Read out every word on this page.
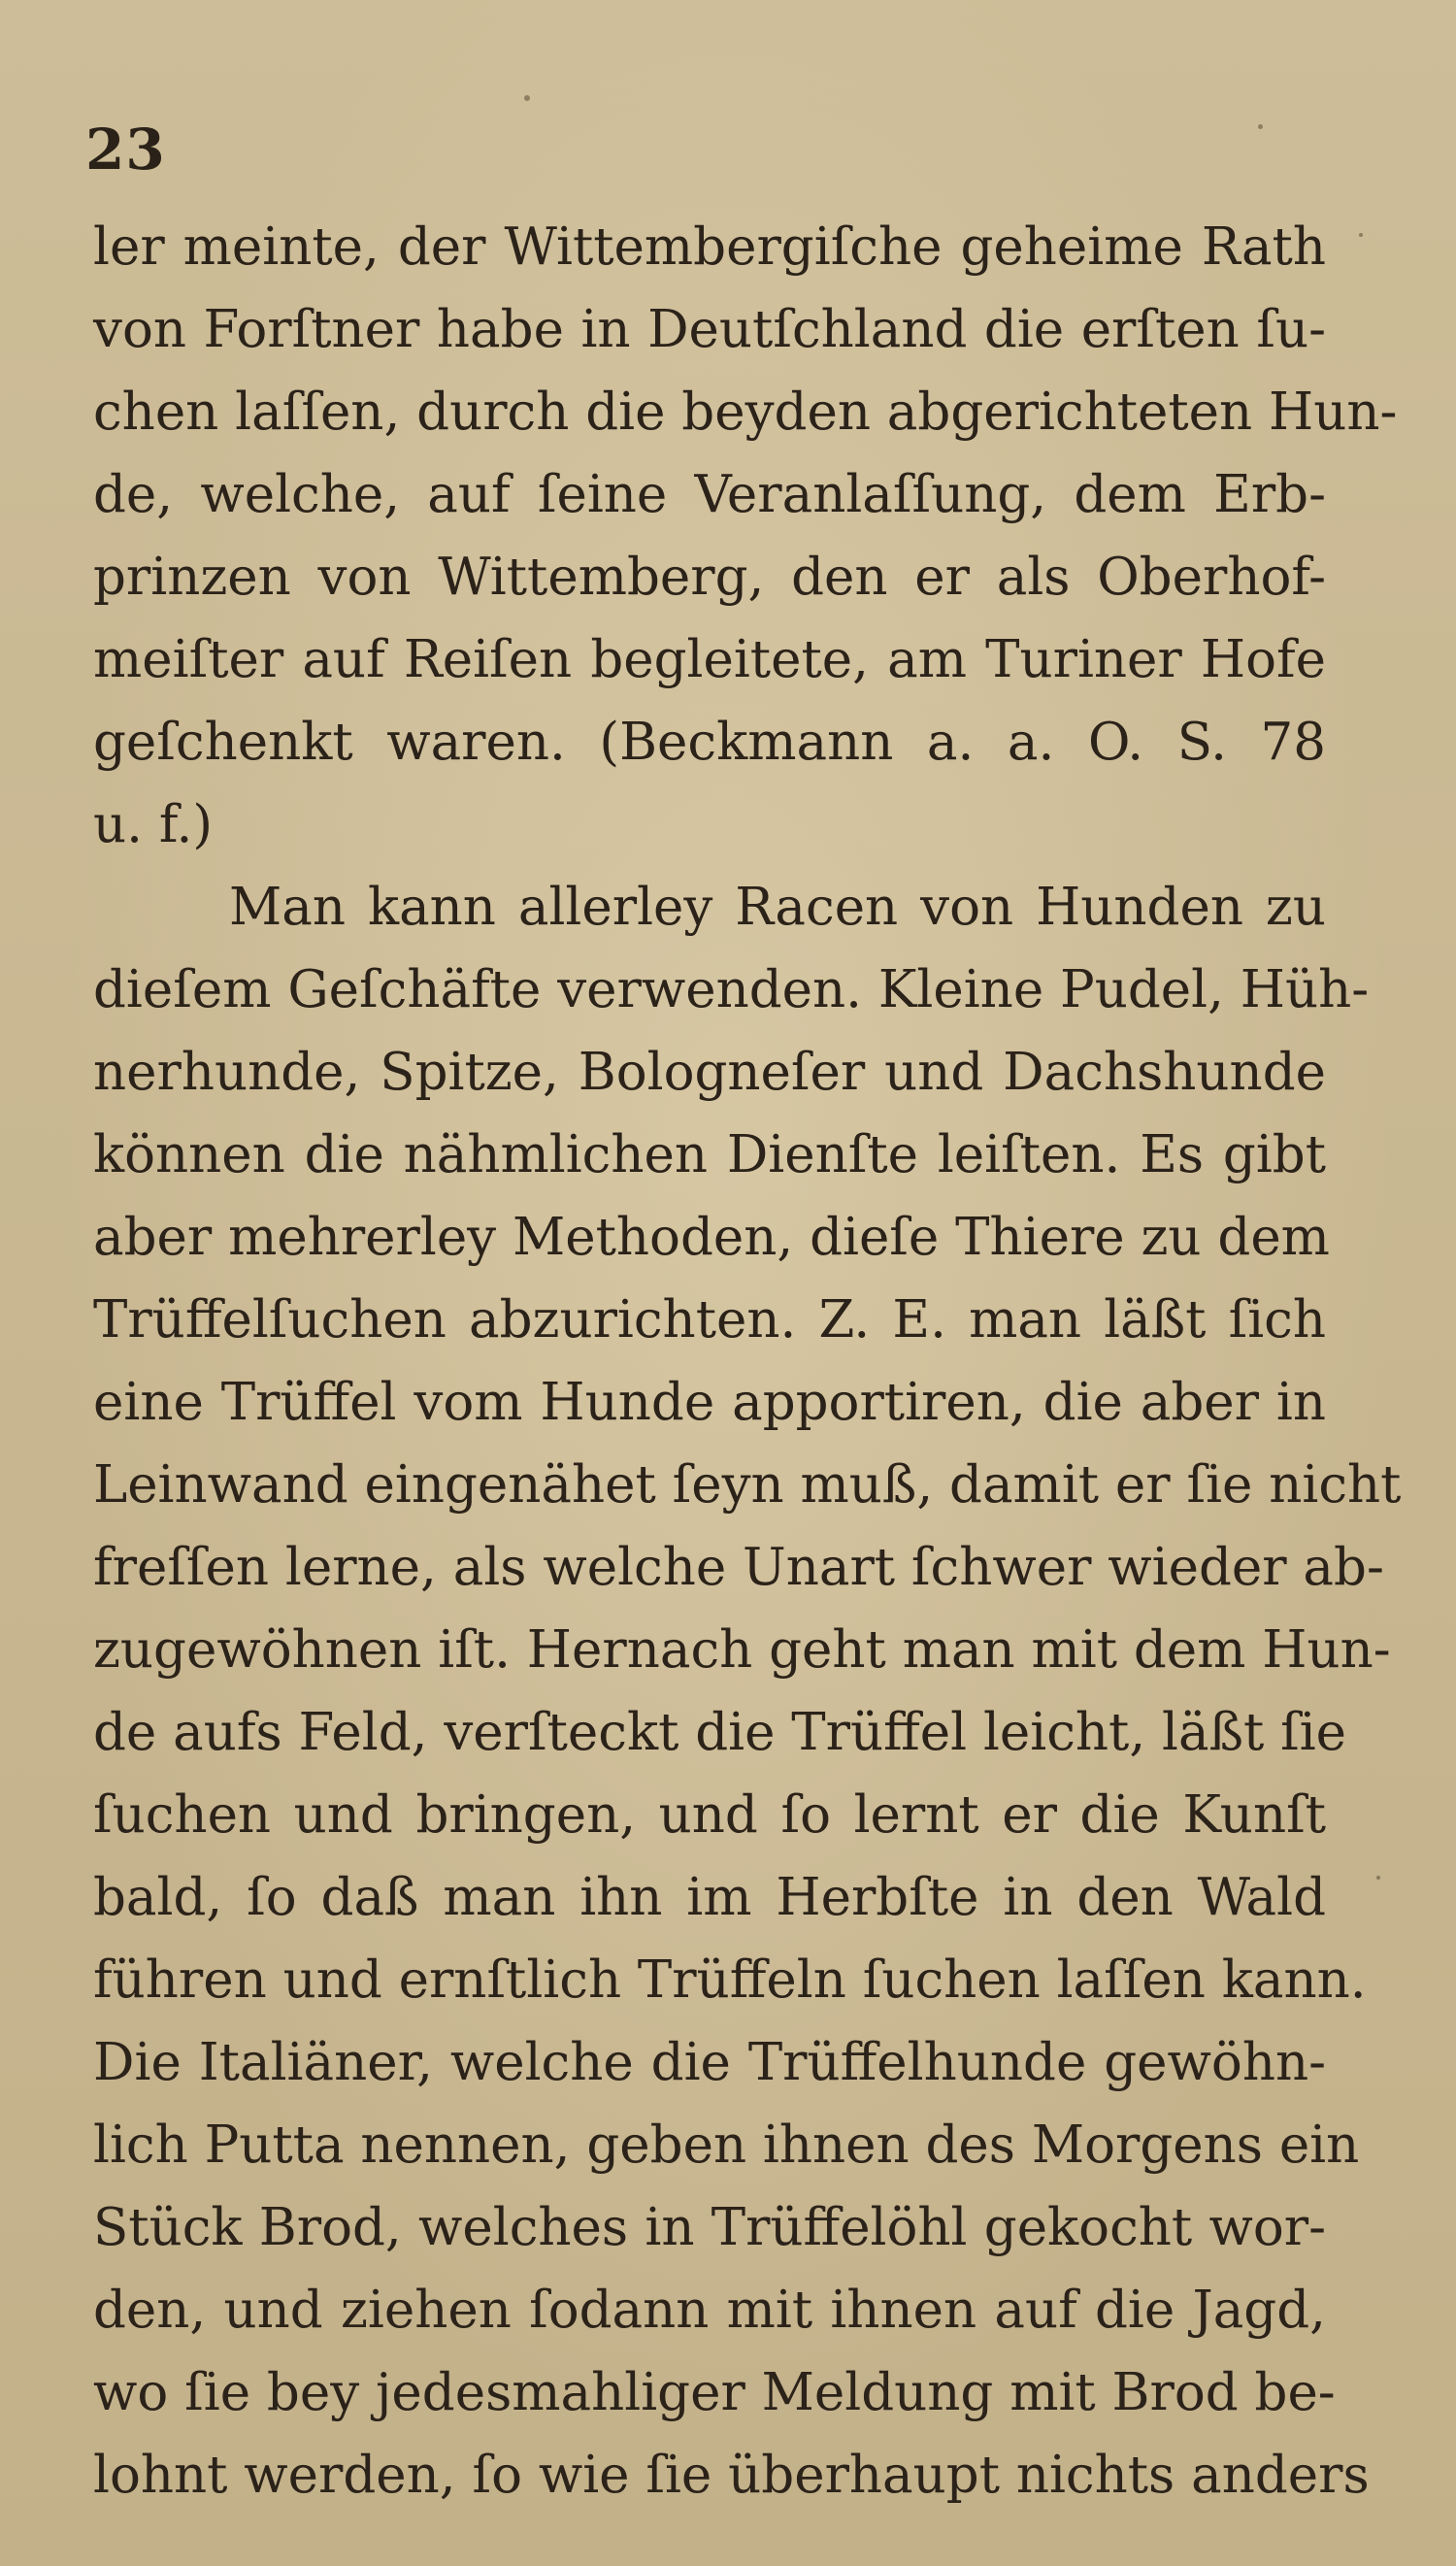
23
ler meinte, der Wittembergiſche geheime Rath
von Forſtner habe in Deutſchland die erſten ſu-
chen laſſen, durch die beyden abgerichteten Hun-
de, welche, auf ſeine Veranlaſſung, dem Erb-
prinzen von Wittemberg, den er als Oberhof-
meiſter auf Reiſen begleitete, am Turiner Hofe
geſchenkt waren. (Beckmann a. a. O. S. 78
u. f.)
Man kann allerley Racen von Hunden zu
dieſem Geſchäfte verwenden. Kleine Pudel, Hüh-
nerhunde, Spitze, Bologneſer und Dachshunde
können die nähmlichen Dienſte leiſten. Es gibt
aber mehrerley Methoden, dieſe Thiere zu dem
Trüffelſuchen abzurichten. Z. E. man läßt ſich
eine Trüffel vom Hunde apportiren, die aber in
Leinwand eingenähet ſeyn muß, damit er ſie nicht
freſſen lerne, als welche Unart ſchwer wieder ab-
zugewöhnen iſt. Hernach geht man mit dem Hun-
de aufs Feld, verſteckt die Trüffel leicht, läßt ſie
ſuchen und bringen, und ſo lernt er die Kunſt
bald, ſo daß man ihn im Herbſte in den Wald
führen und ernſtlich Trüffeln ſuchen laſſen kann.
Die Italiäner, welche die Trüffelhunde gewöhn-
lich Putta nennen, geben ihnen des Morgens ein
Stück Brod, welches in Trüffelöhl gekocht wor-
den, und ziehen ſodann mit ihnen auf die Jagd,
wo ſie bey jedesmahliger Meldung mit Brod be-
lohnt werden, ſo wie ſie überhaupt nichts anders
